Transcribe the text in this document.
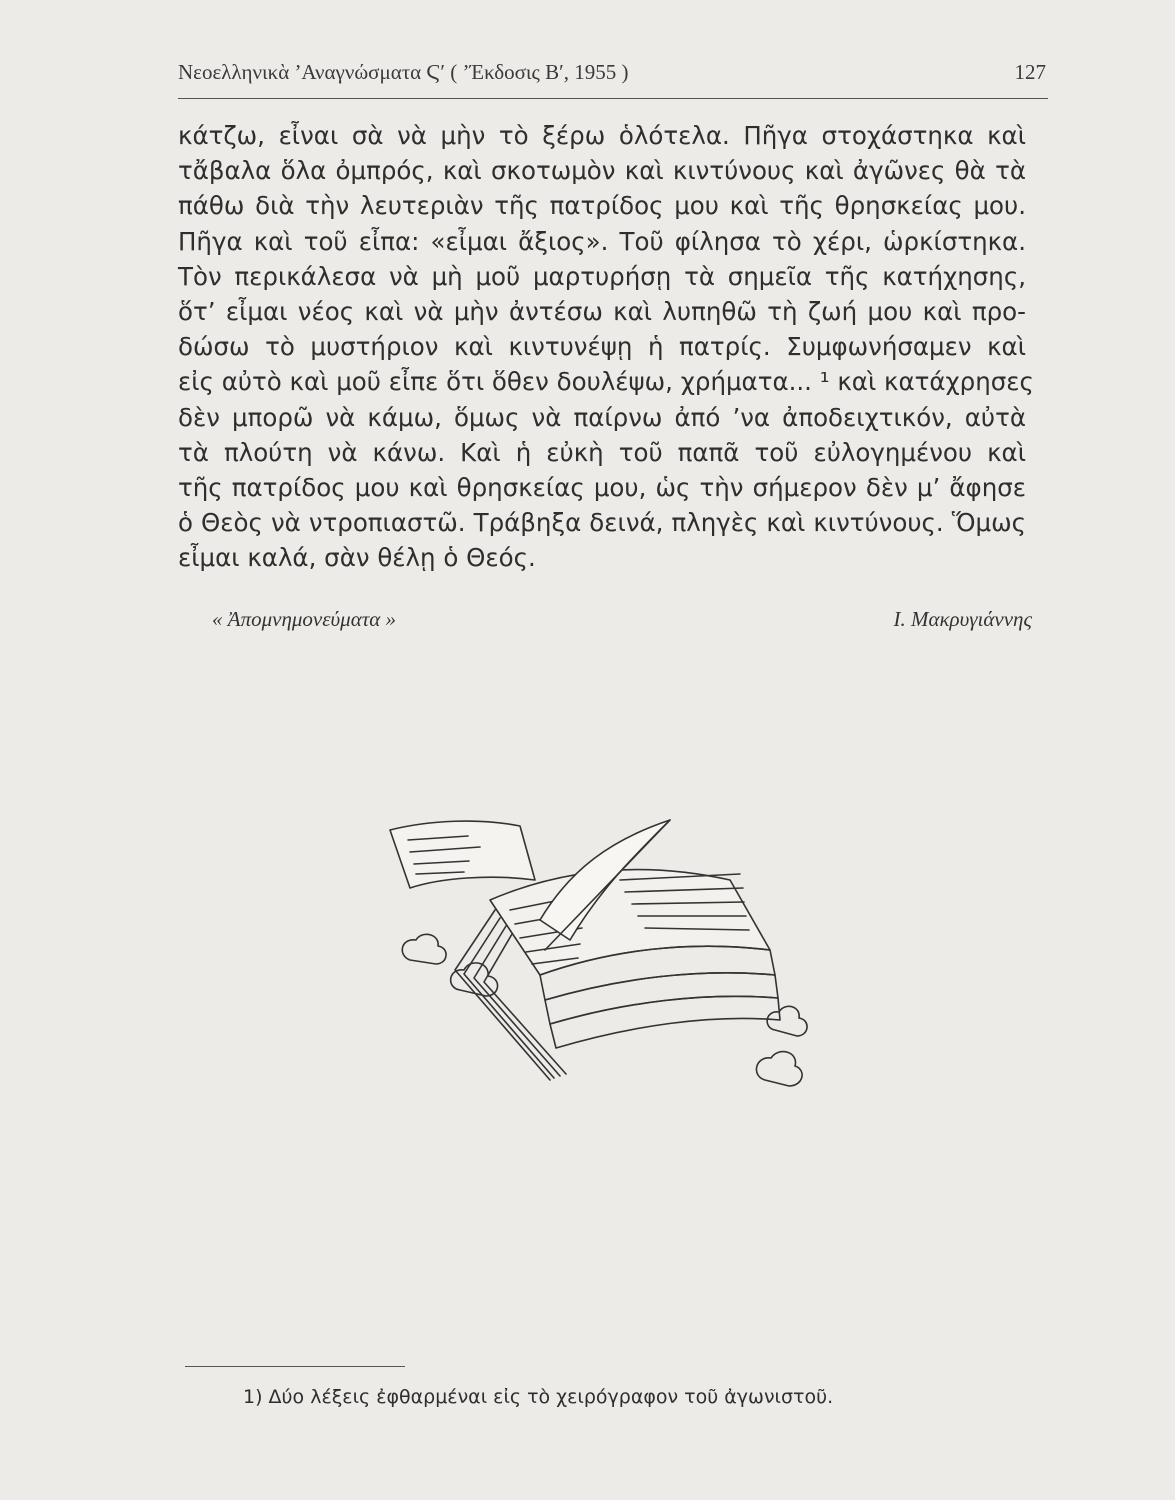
Νεοελληνικὰ ’Αναγνώσματα Ϛ′ ( ’Έκδοσις Β′, 1955 )	127
κάτζω, εἶναι σὰ νὰ μὴν τὸ ξέρω ὁλότελα. Πῆγα στοχάστηκα καὶ
τἄβαλα ὅλα ὀμπρός, καὶ σκοτωμὸν καὶ κιντύνους καὶ ἀγῶνες θὰ τὰ
πάθω διὰ τὴν λευτεριὰν τῆς πατρίδος μου καὶ τῆς θρησκείας μου.
Πῆγα καὶ τοῦ εἶπα: «εἶμαι ἄξιος». Τοῦ φίλησα τὸ χέρι, ὡρκίστηκα.
Τὸν περικάλεσα νὰ μὴ μοῦ μαρτυρήσῃ τὰ σημεῖα τῆς κατήχησης,
ὅτ’ εἶμαι νέος καὶ νὰ μὴν ἀντέσω καὶ λυπηθῶ τὴ ζωή μου καὶ προ-
δώσω τὸ μυστήριον καὶ κιντυνέψῃ ἡ πατρίς. Συμφωνήσαμεν καὶ
εἰς αὐτὸ καὶ μοῦ εἶπε ὅτι ὅθεν δουλέψω, χρήματα... ¹ καὶ κατάχρησες
δὲν μπορῶ νὰ κάμω, ὅμως νὰ παίρνω ἀπό ’να ἀποδειχτικόν, αὐτὰ
τὰ πλούτη νὰ κάνω. Καὶ ἡ εὐκὴ τοῦ παπᾶ τοῦ εὐλογημένου καὶ
τῆς πατρίδος μου καὶ θρησκείας μου, ὡς τὴν σήμερον δὲν μ’ ἄφησε
ὁ Θεὸς νὰ ντροπιαστῶ. Τράβηξα δεινά, πληγὲς καὶ κιντύνους. Ὅμως
εἶμαι καλά, σὰν θέλῃ ὁ Θεός.
« Ἀπομνημονεύματα »	Ι. Μακρυγιάννης
1) Δύο λέξεις ἐφθαρμέναι εἰς τὸ χειρόγραφον τοῦ ἀγωνιστοῦ.
